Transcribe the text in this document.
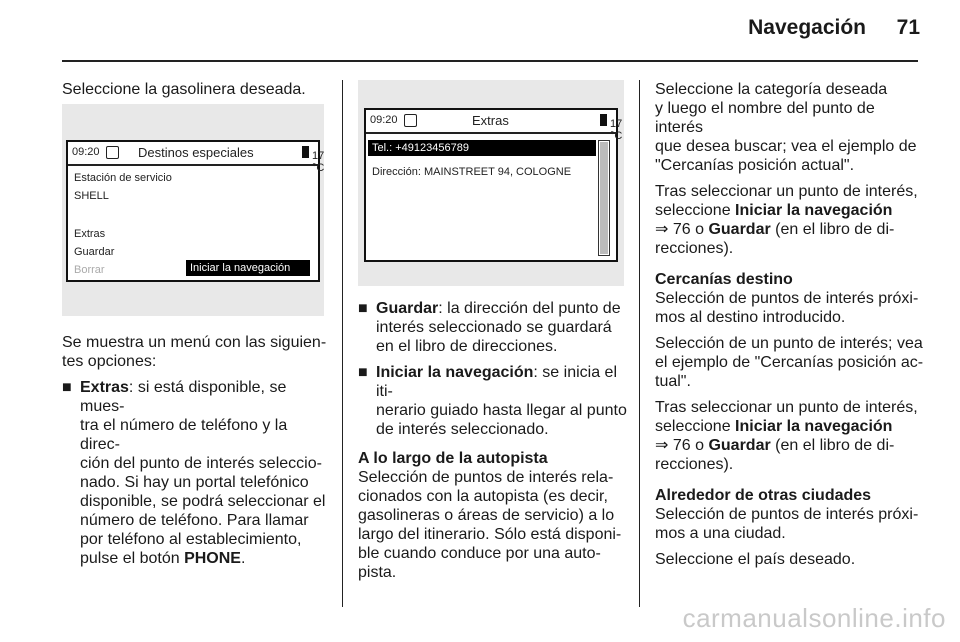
Navegación 71

Seleccione la gasolinera deseada.

09:20	Destinos especiales	17 °C
Estación de servicio
SHELL
Extras
Guardar
Borrar	Iniciar la navegación

Se muestra un menú con las siguien-tes opciones:

■ Extras: si está disponible, se mues-
tra el número de teléfono y la direc-
ción del punto de interés seleccio-
nado. Si hay un portal telefónico
disponible, se podrá seleccionar el
número de teléfono. Para llamar
por teléfono al establecimiento,
pulse el botón PHONE.
09:20	Extras	17 °C
Tel.: +49123456789
Dirección: MAINSTREET 94, COLOGNE
■ Guardar: la dirección del punto de
interés seleccionado se guardará
en el libro de direcciones.
■ Iniciar la navegación: se inicia el iti-
nerario guiado hasta llegar al punto
de interés seleccionado.
A lo largo de la autopista
Selección de puntos de interés rela-
cionados con la autopista (es decir,
gasolineras o áreas de servicio) a lo
largo del itinerario. Sólo está disponi-
ble cuando conduce por una auto-
pista.

Seleccione la categoría deseada
y luego el nombre del punto de interés
que desea buscar; vea el ejemplo de
"Cercanías posición actual".

Tras seleccionar un punto de interés,
seleccione Iniciar la navegación
⇒ 76 o Guardar (en el libro de di-
recciones).

Cercanías destino

Selección de puntos de interés próxi-
mos al destino introducido.

Selección de un punto de interés; vea
el ejemplo de "Cercanías posición ac-
tual".

Tras seleccionar un punto de interés,
seleccione Iniciar la navegación
⇒ 76 o Guardar (en el libro de di-
recciones).

Alrededor de otras ciudades

Selección de puntos de interés próxi-
mos a una ciudad.

Seleccione el país deseado.

carmanualsonline.info
